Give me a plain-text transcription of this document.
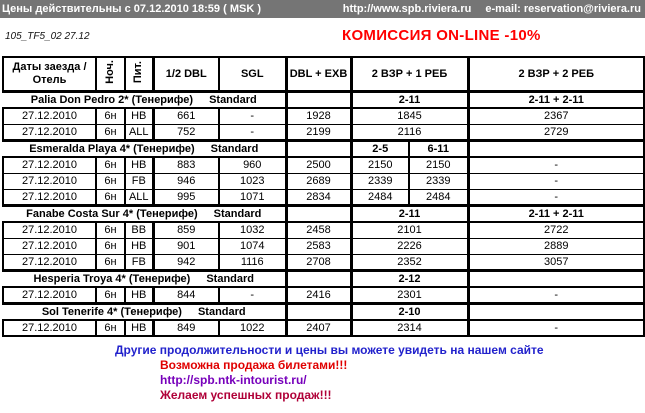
Цены действительны с 07.12.2010 18:59 ( MSK )	http://www.spb.riviera.ru e-mail: reservation@riviera.ru
105_TF5_02 27.12	КОМИССИЯ ON-LINE -10%
Даты заезда /
Отель	Ноч.	Пит.	1/2 DBL	SGL	DBL + EXB	2 ВЗР + 1 РЕБ		2 ВЗР + 2 РЕБ
Palia Don Pedro 2* (Тенерифе) Standard						2-11		2-11 + 2-11
27.12.2010	6н	HB	661	-	1928	1845		2367
27.12.2010	6н	ALL	752	-	2199	2116		2729
Esmeralda Playa 4* (Тенерифе) Standard						2-5	6-11	
27.12.2010	6н	HB	883	960	2500	2150	2150	-
27.12.2010	6н	FB	946	1023	2689	2339	2339	-
27.12.2010	6н	ALL	995	1071	2834	2484	2484	-
Fanabe Costa Sur 4* (Тенерифе) Standard						2-11		2-11 + 2-11
27.12.2010	6н	BB	859	1032	2458	2101		2722
27.12.2010	6н	HB	901	1074	2583	2226		2889
27.12.2010	6н	FB	942	1116	2708	2352		3057
Hesperia Troya 4* (Тенерифе) Standard						2-12		
27.12.2010	6н	HB	844	-	2416	2301		-
Sol Tenerife 4* (Тенерифе) Standard						2-10		
27.12.2010	6н	HB	849	1022	2407	2314		-
Другие продолжительности и цены вы можете увидеть на нашем сайте
Возможна продажа билетами!!!
http://spb.ntk-intourist.ru/
Желаем успешных продаж!!!
